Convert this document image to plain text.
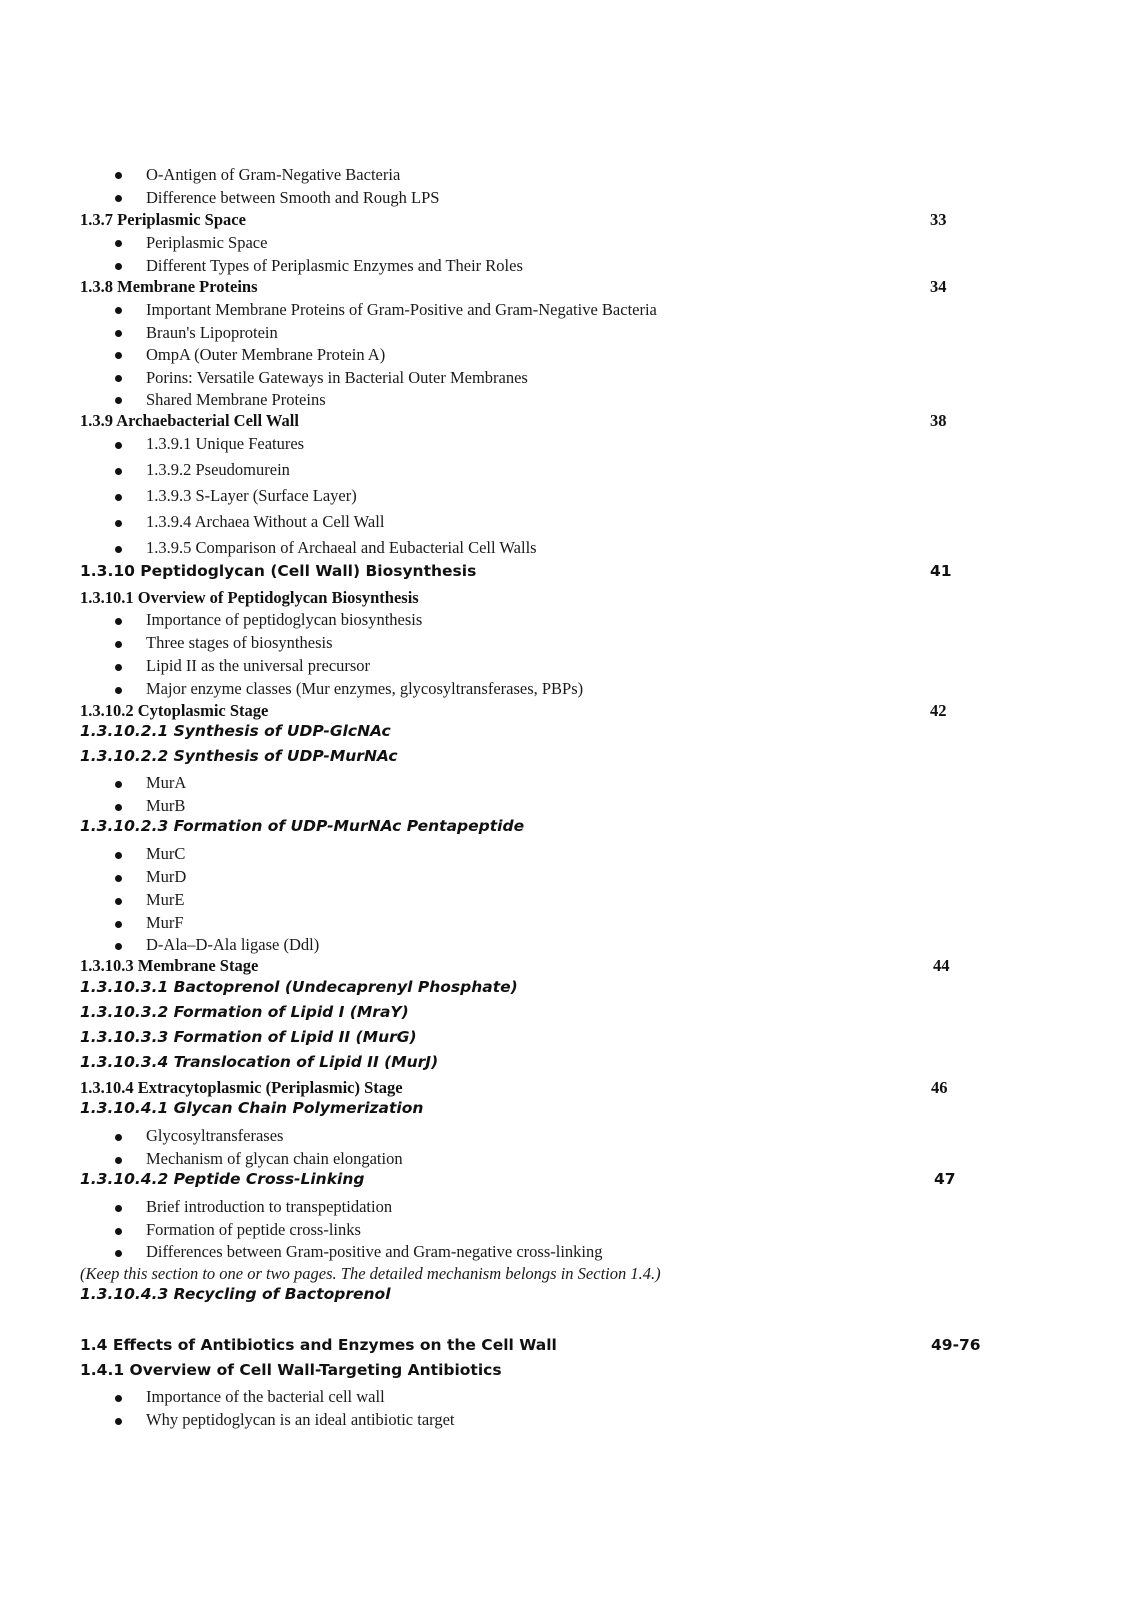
O-Antigen of Gram-Negative Bacteria
Difference between Smooth and Rough LPS
1.3.7 Periplasmic Space	33
Periplasmic Space
Different Types of Periplasmic Enzymes and Their Roles
1.3.8 Membrane Proteins	34
Important Membrane Proteins of Gram-Positive and Gram-Negative Bacteria
Braun's Lipoprotein
OmpA (Outer Membrane Protein A)
Porins: Versatile Gateways in Bacterial Outer Membranes
Shared Membrane Proteins
1.3.9 Archaebacterial Cell Wall	38
1.3.9.1 Unique Features
1.3.9.2 Pseudomurein
1.3.9.3 S-Layer (Surface Layer)
1.3.9.4 Archaea Without a Cell Wall
1.3.9.5 Comparison of Archaeal and Eubacterial Cell Walls
1.3.10 Peptidoglycan (Cell Wall) Biosynthesis	41
1.3.10.1 Overview of Peptidoglycan Biosynthesis
Importance of peptidoglycan biosynthesis
Three stages of biosynthesis
Lipid II as the universal precursor
Major enzyme classes (Mur enzymes, glycosyltransferases, PBPs)
1.3.10.2 Cytoplasmic Stage	42
1.3.10.2.1 Synthesis of UDP-GlcNAc
1.3.10.2.2 Synthesis of UDP-MurNAc
MurA
MurB
1.3.10.2.3 Formation of UDP-MurNAc Pentapeptide
MurC
MurD
MurE
MurF
D-Ala–D-Ala ligase (Ddl)
1.3.10.3 Membrane Stage	44
1.3.10.3.1 Bactoprenol (Undecaprenyl Phosphate)
1.3.10.3.2 Formation of Lipid I (MraY)
1.3.10.3.3 Formation of Lipid II (MurG)
1.3.10.3.4 Translocation of Lipid II (MurJ)
1.3.10.4 Extracytoplasmic (Periplasmic) Stage	46
1.3.10.4.1 Glycan Chain Polymerization
Glycosyltransferases
Mechanism of glycan chain elongation
1.3.10.4.2 Peptide Cross-Linking	47
Brief introduction to transpeptidation
Formation of peptide cross-links
Differences between Gram-positive and Gram-negative cross-linking
(Keep this section to one or two pages. The detailed mechanism belongs in Section 1.4.)
1.3.10.4.3 Recycling of Bactoprenol
1.4 Effects of Antibiotics and Enzymes on the Cell Wall	49-76
1.4.1 Overview of Cell Wall-Targeting Antibiotics
Importance of the bacterial cell wall
Why peptidoglycan is an ideal antibiotic target
